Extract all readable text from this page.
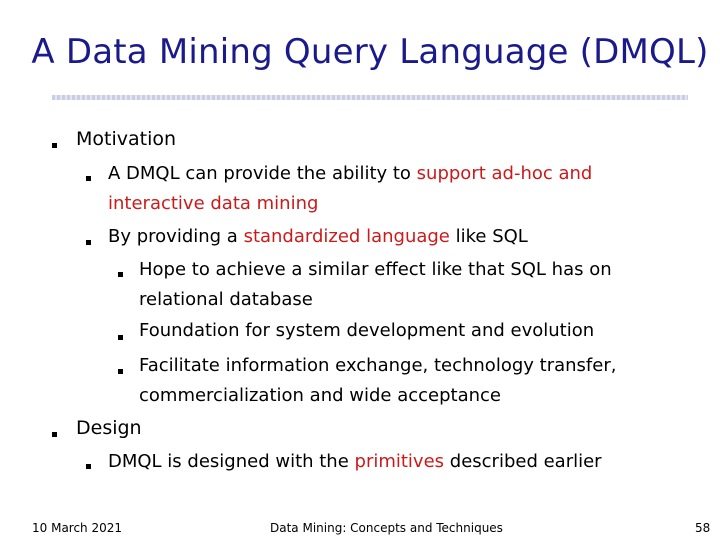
A Data Mining Query Language (DMQL)
Motivation
A DMQL can provide the ability to support ad-hoc and
interactive data mining
By providing a standardized language like SQL
Hope to achieve a similar effect like that SQL has on
relational database
Foundation for system development and evolution
Facilitate information exchange, technology transfer,
commercialization and wide acceptance
Design
DMQL is designed with the primitives described earlier
10 March 2021	Data Mining: Concepts and Techniques	58
